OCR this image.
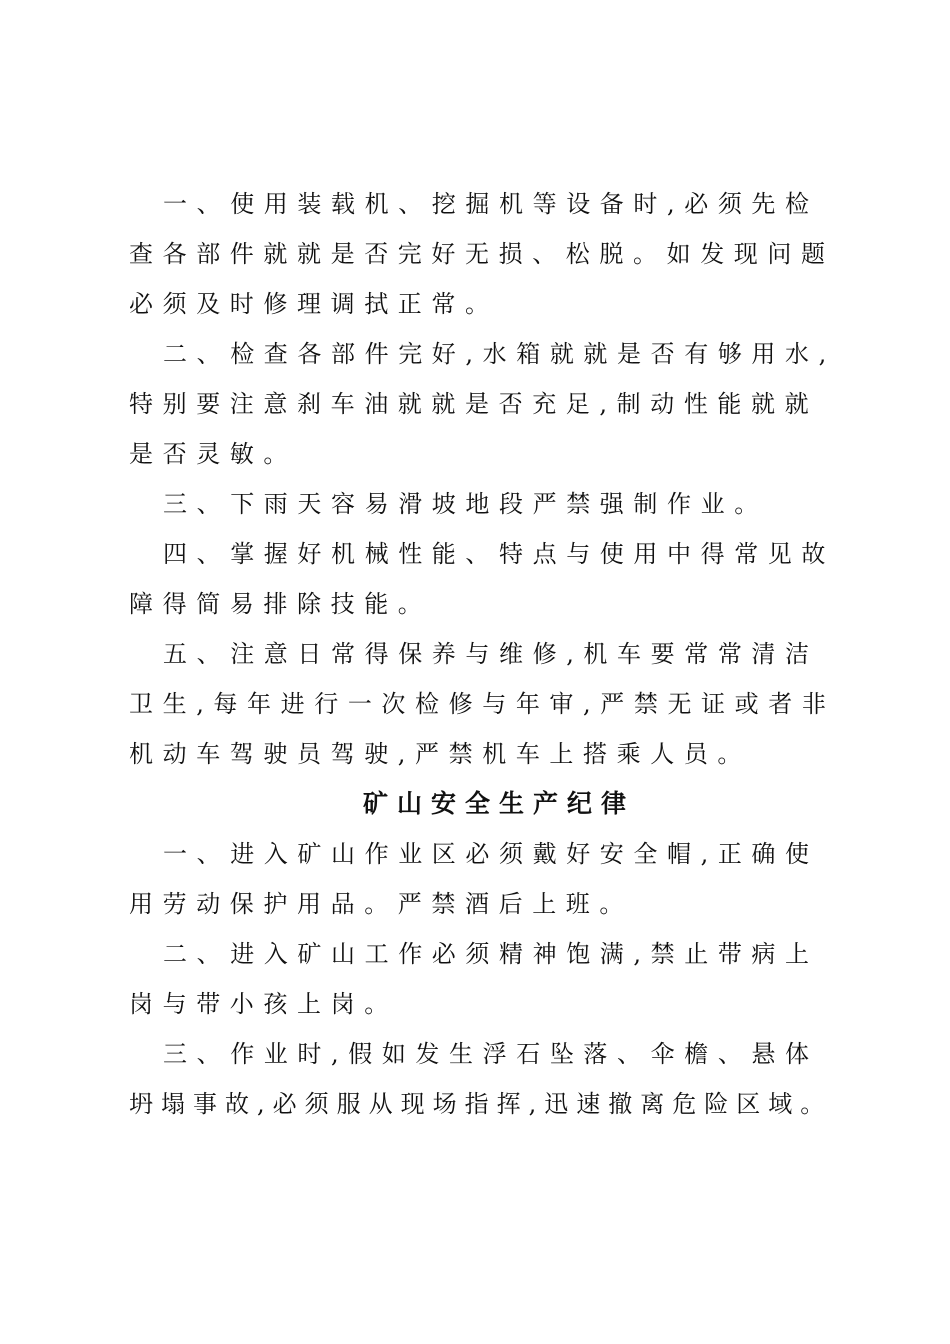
一、使用装载机、挖掘机等设备时,必须先检
查各部件就就是否完好无损、松脱。如发现问题
必须及时修理调拭正常。
二、检查各部件完好,水箱就就是否有够用水,
特别要注意刹车油就就是否充足,制动性能就就
是否灵敏。
三、下雨天容易滑坡地段严禁强制作业。
四、掌握好机械性能、特点与使用中得常见故
障得简易排除技能。
五、注意日常得保养与维修,机车要常常清洁
卫生,每年进行一次检修与年审,严禁无证或者非
机动车驾驶员驾驶,严禁机车上搭乘人员。
矿山安全生产纪律
一、进入矿山作业区必须戴好安全帽,正确使
用劳动保护用品。严禁酒后上班。
二、进入矿山工作必须精神饱满,禁止带病上
岗与带小孩上岗。
三、作业时,假如发生浮石坠落、伞檐、悬体
坍塌事故,必须服从现场指挥,迅速撤离危险区域。
